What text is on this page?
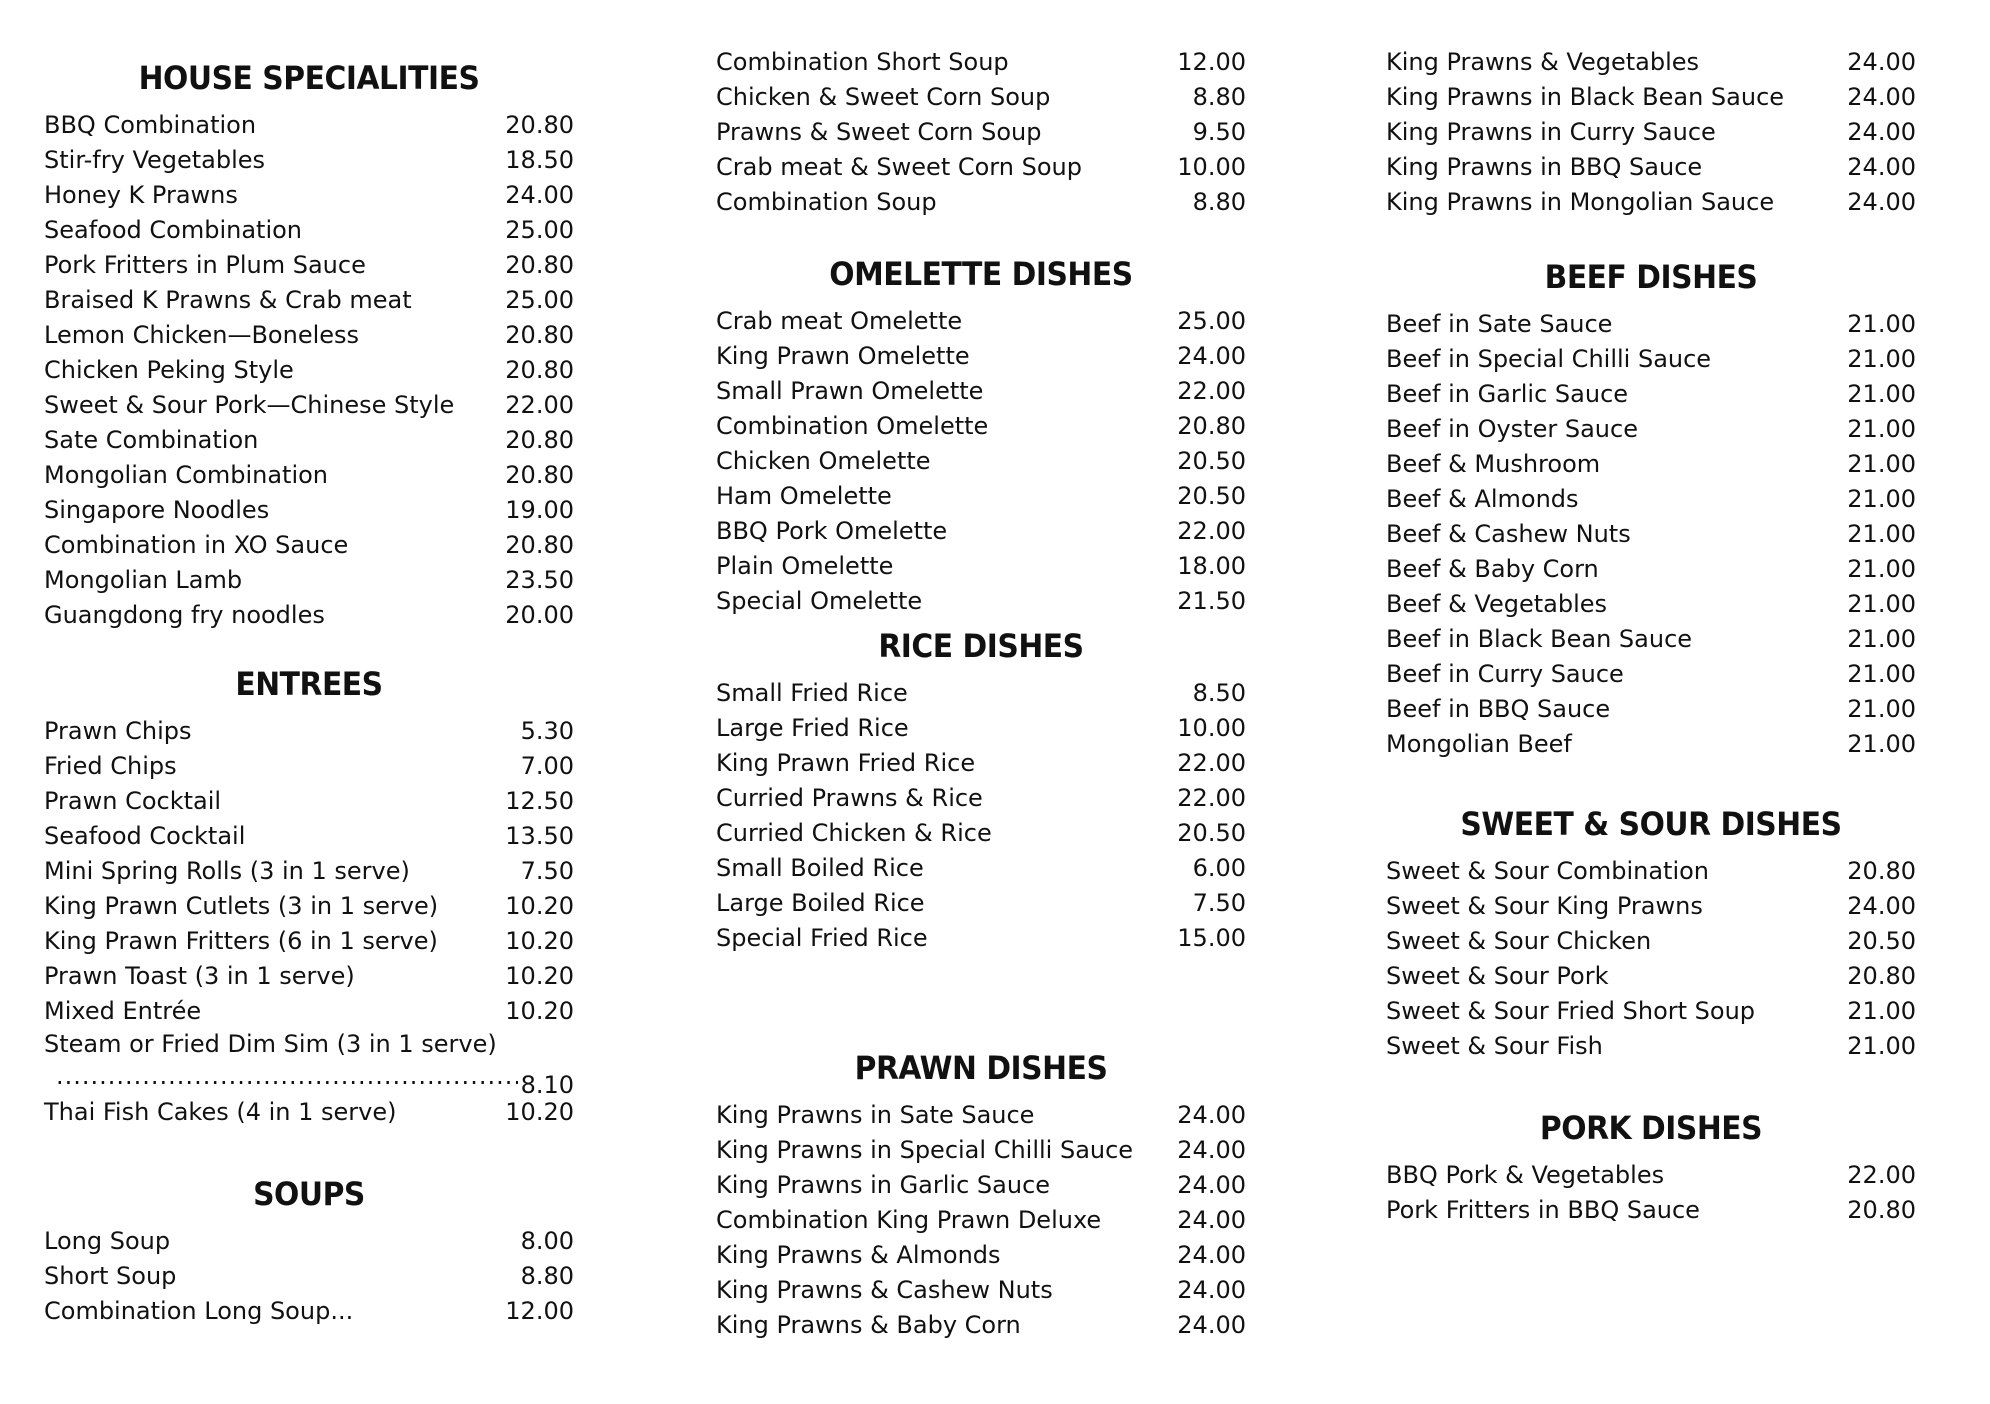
HOUSE SPECIALITIES
BBQ Combination	20.80
Stir-fry Vegetables	18.50
Honey K Prawns	24.00
Seafood Combination	25.00
Pork Fritters in Plum Sauce	20.80
Braised K Prawns & Crab meat	25.00
Lemon Chicken—Boneless	20.80
Chicken Peking Style	20.80
Sweet & Sour Pork—Chinese Style 22.00
Sate Combination	20.80
Mongolian Combination	20.80
Singapore Noodles	19.00
Combination in XO Sauce	20.80
Mongolian Lamb	23.50
Guangdong fry noodles	20.00
ENTREES
Prawn Chips	5.30
Fried Chips	7.00
Prawn Cocktail	12.50
Seafood Cocktail	13.50
Mini Spring Rolls (3 in 1 serve)	7.50
King Prawn Cutlets (3 in 1 serve)	10.20
King Prawn Fritters (6 in 1 serve)	10.20
Prawn Toast (3 in 1 serve)	10.20
Mixed Entrée	10.20
Steam or Fried Dim Sim (3 in 1 serve)
.....
8.10
Thai Fish Cakes (4 in 1 serve)	10.20
SOUPS
Long Soup	8.00
Short Soup	8.80
Combination Long Soup...	12.00
Combination Short Soup	12.00
Chicken & Sweet Corn Soup	8.80
Prawns & Sweet Corn Soup	9.50
Crab meat & Sweet Corn Soup	10.00
Combination Soup	8.80
OMELETTE DISHES
Crab meat Omelette	25.00
King Prawn Omelette	24.00
Small Prawn Omelette	22.00
Combination Omelette	20.80
Chicken Omelette	20.50
Ham Omelette	20.50
BBQ Pork Omelette	22.00
Plain Omelette	18.00
Special Omelette	21.50
RICE DISHES
Small Fried Rice	8.50
Large Fried Rice	10.00
King Prawn Fried Rice	22.00
Curried Prawns & Rice	22.00
Curried Chicken & Rice	20.50
Small Boiled Rice	6.00
Large Boiled Rice	7.50
Special Fried Rice	15.00
PRAWN DISHES
King Prawns in Sate Sauce	24.00
King Prawns in Special Chilli Sauce 24.00
King Prawns in Garlic Sauce	24.00
Combination King Prawn Deluxe	24.00
King Prawns & Almonds	24.00
King Prawns & Cashew Nuts	24.00
King Prawns & Baby Corn	24.00
King Prawns & Vegetables	24.00
King Prawns in Black Bean Sauce	24.00
King Prawns in Curry Sauce	24.00
King Prawns in BBQ Sauce	24.00
King Prawns in Mongolian Sauce	24.00
BEEF DISHES
Beef in Sate Sauce	21.00
Beef in Special Chilli Sauce	21.00
Beef in Garlic Sauce	21.00
Beef in Oyster Sauce	21.00
Beef & Mushroom	21.00
Beef & Almonds	21.00
Beef & Cashew Nuts	21.00
Beef & Baby Corn	21.00
Beef & Vegetables	21.00
Beef in Black Bean Sauce	21.00
Beef in Curry Sauce	21.00
Beef in BBQ Sauce	21.00
Mongolian Beef	21.00
SWEET & SOUR DISHES
Sweet & Sour Combination	20.80
Sweet & Sour King Prawns	24.00
Sweet & Sour Chicken	20.50
Sweet & Sour Pork	20.80
Sweet & Sour Fried Short Soup	21.00
Sweet & Sour Fish	21.00
PORK DISHES
BBQ Pork & Vegetables	22.00
Pork Fritters in BBQ Sauce	20.80
